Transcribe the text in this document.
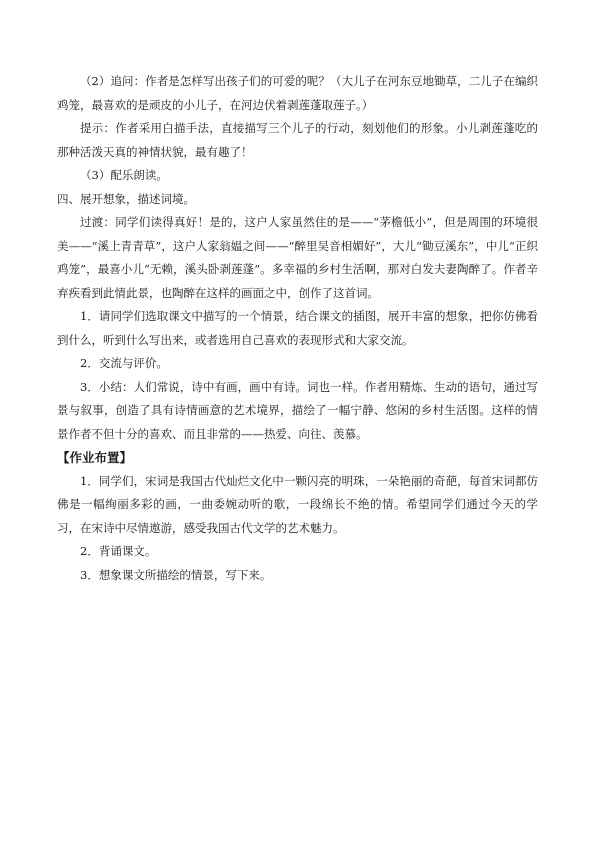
（2）追问：作者是怎样写出孩子们的可爱的呢？（大儿子在河东豆地锄草，二儿子在编织鸡笼，最喜欢的是顽皮的小儿子，在河边伏着剥莲蓬取莲子。）

提示：作者采用白描手法，直接描写三个儿子的行动，刻划他们的形象。小儿剥莲蓬吃的那种活泼天真的神情状貌，最有趣了！

（3）配乐朗读。

四、展开想象，描述词境。

过渡：同学们读得真好！是的，这户人家虽然住的是——“茅檐低小”，但是周围的环境很美——“溪上青青草”，这户人家翁媪之间——“醉里吴音相媚好”，大儿“锄豆溪东”，中儿“正织鸡笼”，最喜小儿“无赖，溪头卧剥莲蓬”。多幸福的乡村生活啊，那对白发夫妻陶醉了。作者辛弃疾看到此情此景，也陶醉在这样的画面之中，创作了这首词。

1．请同学们选取课文中描写的一个情景，结合课文的插图，展开丰富的想象，把你仿佛看到什么，听到什么写出来，或者选用自己喜欢的表现形式和大家交流。

2．交流与评价。

3．小结：人们常说，诗中有画，画中有诗。词也一样。作者用精炼、生动的语句，通过写景与叙事，创造了具有诗情画意的艺术境界，描绘了一幅宁静、悠闲的乡村生活图。这样的情景作者不但十分的喜欢、而且非常的——热爱、向往、羡慕。

【作业布置】

1．同学们，宋词是我国古代灿烂文化中一颗闪亮的明珠，一朵艳丽的奇葩，每首宋词都仿佛是一幅绚丽多彩的画，一曲委婉动听的歌，一段绵长不绝的情。希望同学们通过今天的学习，在宋诗中尽情遨游，感受我国古代文学的艺术魅力。

2．背诵课文。

3．想象课文所描绘的情景，写下来。
